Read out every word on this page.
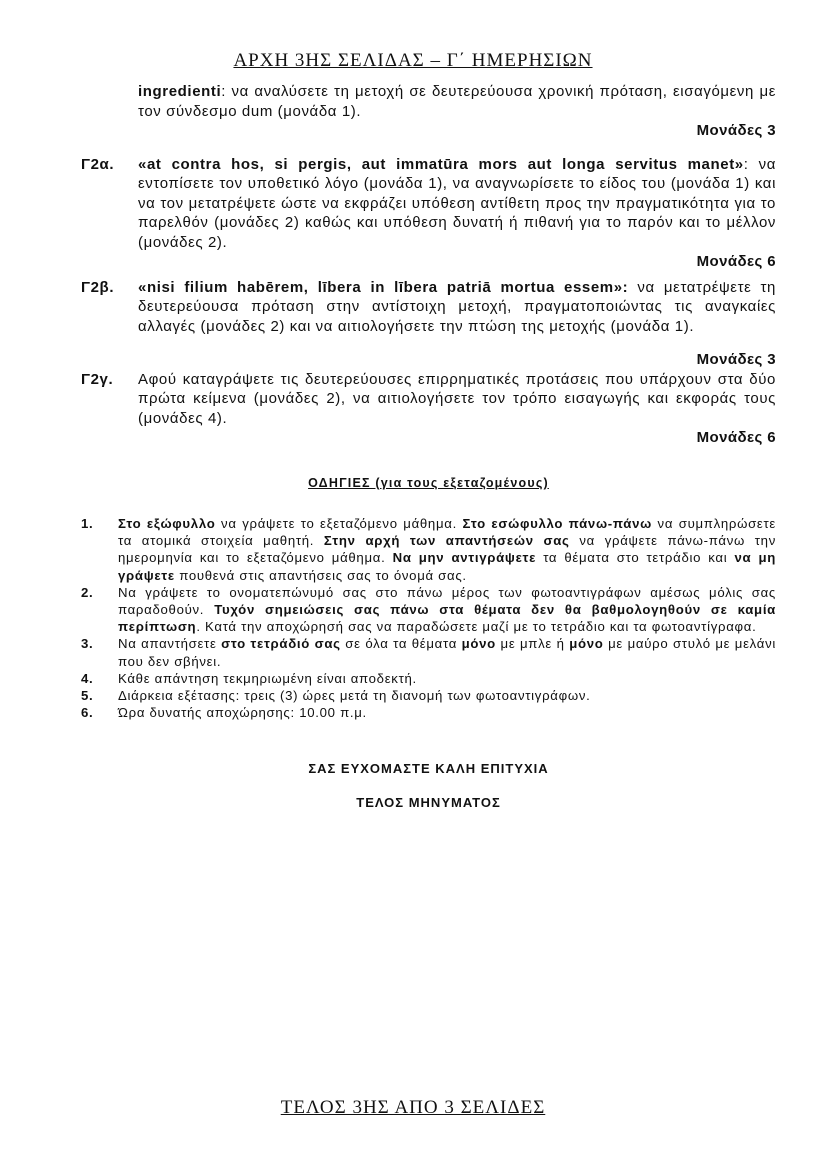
ΑΡΧΗ 3ΗΣ ΣΕΛΙΔΑΣ – Γ΄ ΗΜΕΡΗΣΙΩΝ
ingredienti: να αναλύσετε τη μετοχή σε δευτερεύουσα χρονική πρόταση, εισαγόμενη με τον σύνδεσμο dum (μονάδα 1).
Μονάδες 3
Γ2α.	«at contra hos, si pergis, aut immatūra mors aut longa servitus manet»: να εντοπίσετε τον υποθετικό λόγο (μονάδα 1), να αναγνωρίσετε το είδος του (μονάδα 1) και να τον μετατρέψετε ώστε να εκφράζει υπόθεση αντίθετη προς την πραγματικότητα για το παρελθόν (μονάδες 2) καθώς και υπόθεση δυνατή ή πιθανή για το παρόν και το μέλλον (μονάδες 2).
Μονάδες 6
Γ2β.	«nisi filium habērem, lībera in lībera patriā mortua essem»: να μετατρέψετε τη δευτερεύουσα πρόταση στην αντίστοιχη μετοχή, πραγματοποιώντας τις αναγκαίες αλλαγές (μονάδες 2) και να αιτιολογήσετε την πτώση της μετοχής (μονάδα 1).
Μονάδες 3
Γ2γ.	Αφού καταγράψετε τις δευτερεύουσες επιρρηματικές προτάσεις που υπάρχουν στα δύο πρώτα κείμενα (μονάδες 2), να αιτιολογήσετε τον τρόπο εισαγωγής και εκφοράς τους (μονάδες 4).
Μονάδες 6
ΟΔΗΓΙΕΣ (για τους εξεταζομένους)
1.	Στο εξώφυλλο να γράψετε το εξεταζόμενο μάθημα. Στο εσώφυλλο πάνω-πάνω να συμπληρώσετε τα ατομικά στοιχεία μαθητή. Στην αρχή των απαντήσεών σας να γράψετε πάνω-πάνω την ημερομηνία και το εξεταζόμενο μάθημα. Να μην αντιγράψετε τα θέματα στο τετράδιο και να μη γράψετε πουθενά στις απαντήσεις σας το όνομά σας.
2.	Να γράψετε το ονοματεπώνυμό σας στο πάνω μέρος των φωτοαντιγράφων αμέσως μόλις σας παραδοθούν. Τυχόν σημειώσεις σας πάνω στα θέματα δεν θα βαθμολογηθούν σε καμία περίπτωση. Κατά την αποχώρησή σας να παραδώσετε μαζί με το τετράδιο και τα φωτοαντίγραφα.
3.	Να απαντήσετε στο τετράδιό σας σε όλα τα θέματα μόνο με μπλε ή μόνο με μαύρο στυλό με μελάνι που δεν σβήνει.
4.	Κάθε απάντηση τεκμηριωμένη είναι αποδεκτή.
5.	Διάρκεια εξέτασης: τρεις (3) ώρες μετά τη διανομή των φωτοαντιγράφων.
6.	Ώρα δυνατής αποχώρησης: 10.00 π.μ.
ΣΑΣ ΕΥΧΟΜΑΣΤΕ ΚΑΛΗ ΕΠΙΤΥΧΙΑ
ΤΕΛΟΣ ΜΗΝΥΜΑΤΟΣ
ΤΕΛΟΣ 3ΗΣ ΑΠΟ 3 ΣΕΛΙΔΕΣ
